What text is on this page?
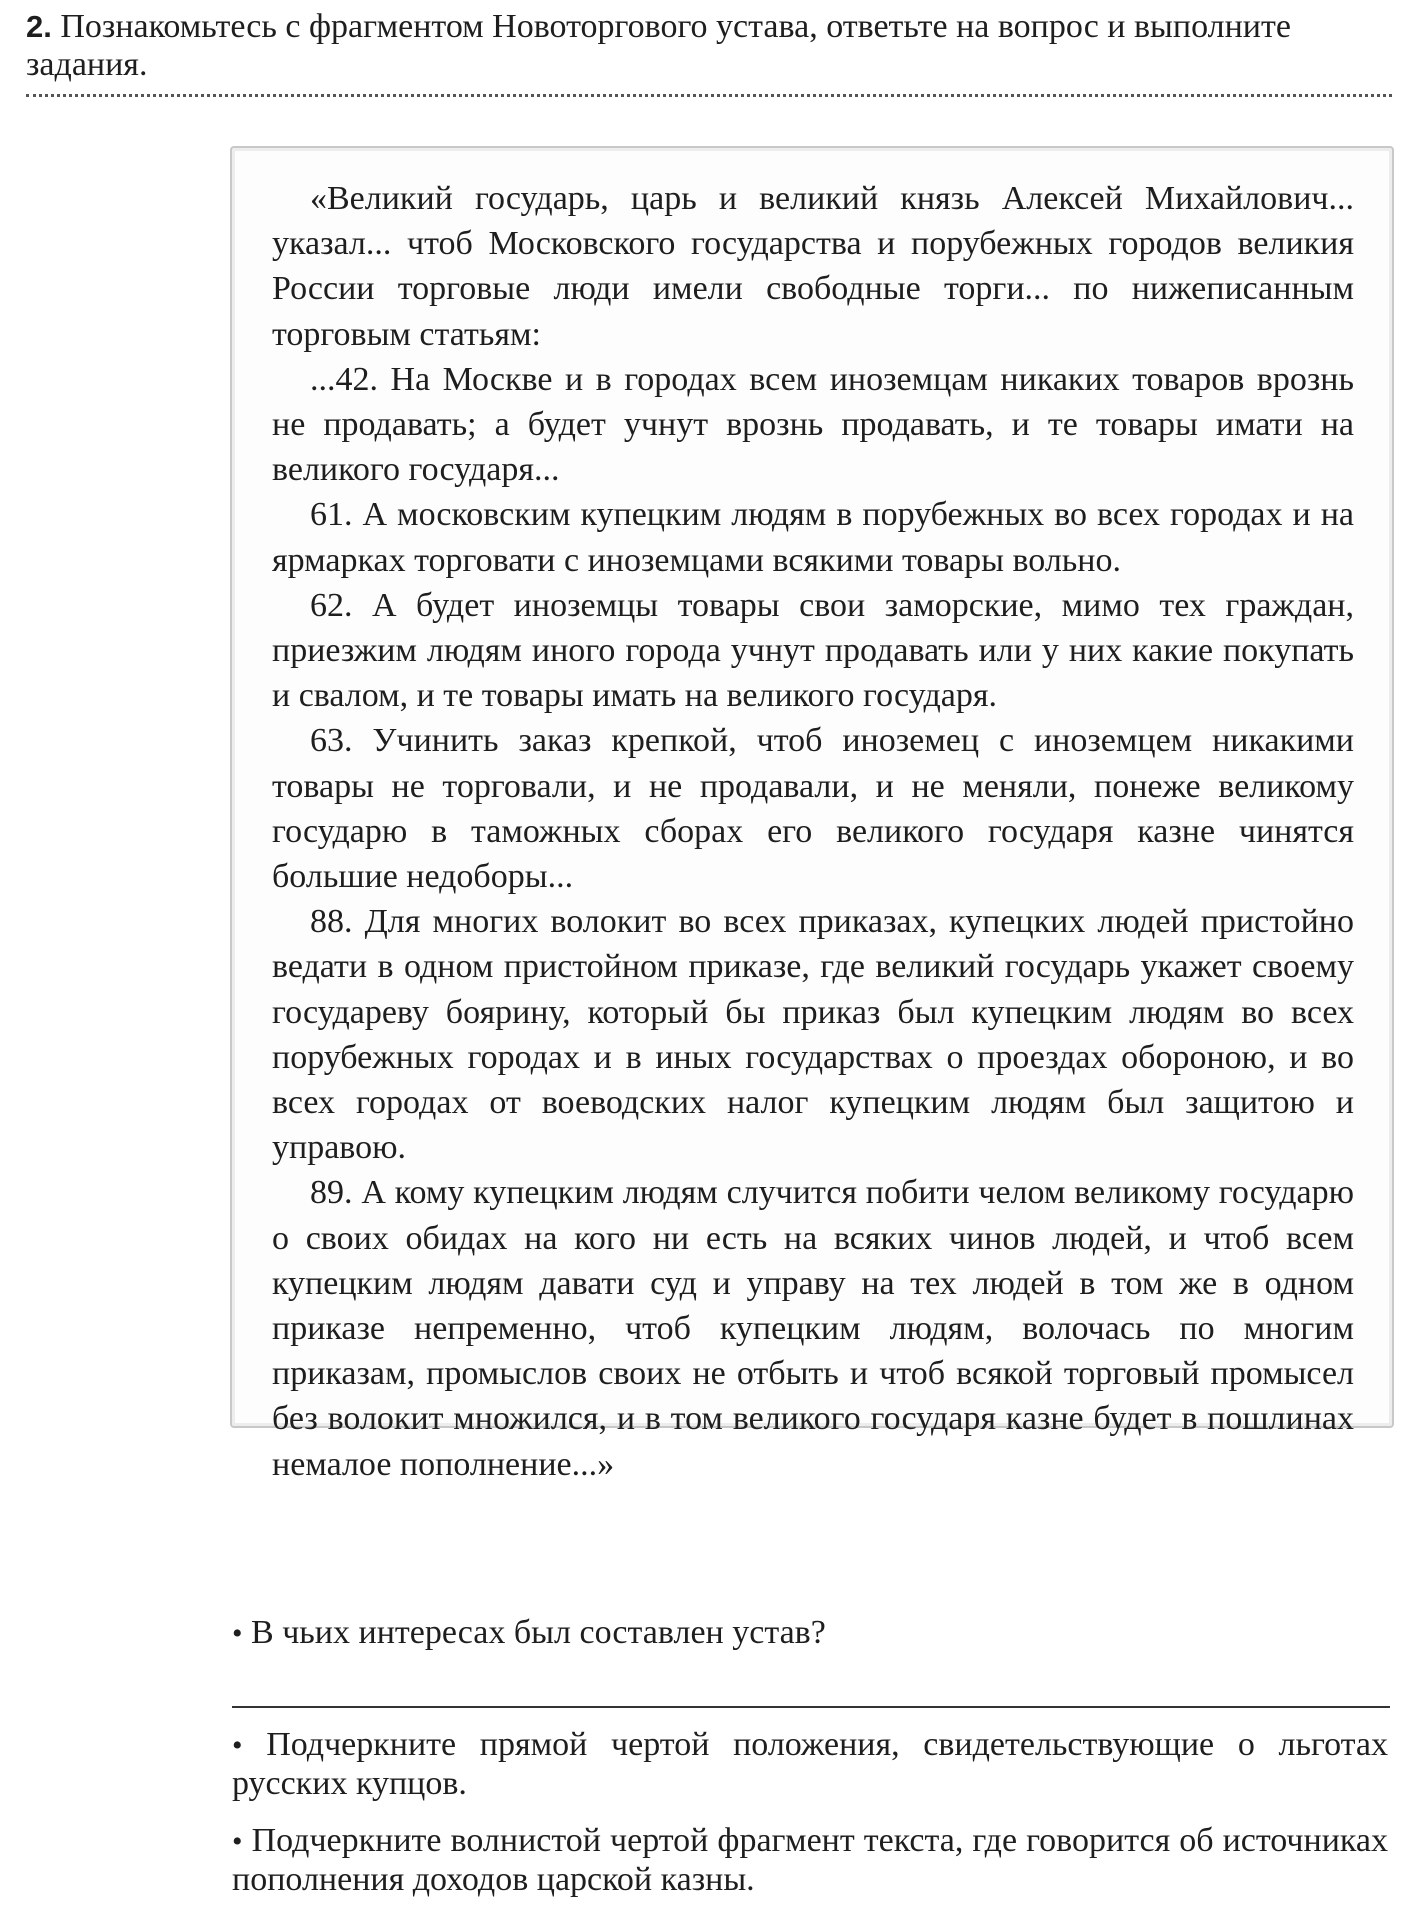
2. Познакомьтесь с фрагментом Новоторгового устава, ответьте на вопрос и выполните задания.

«Великий государь, царь и великий князь Алексей Михайлович... указал... чтоб Московского государства и порубежных городов великия России торговые люди имели свободные торги... по нижеписанным торговым статьям:

...42. На Москве и в городах всем иноземцам никаких товаров врознь не продавать; а будет учнут врознь продавать, и те товары имати на великого государя...

61. А московским купецким людям в порубежных во всех городах и на ярмарках торговати с иноземцами всякими товары вольно.

62. А будет иноземцы товары свои заморские, мимо тех граждан, приезжим людям иного города учнут продавать или у них какие покупать и свалом, и те товары имать на великого государя.

63. Учинить заказ крепкой, чтоб иноземец с иноземцем никакими товары не торговали, и не продавали, и не меняли, понеже великому государю в таможных сборах его великого государя казне чинятся большие недоборы...

88. Для многих волокит во всех приказах, купецких людей пристойно ведати в одном пристойном приказе, где великий государь укажет своему государеву боярину, который бы приказ был купецким людям во всех порубежных городах и в иных государствах о проездах обороною, и во всех городах от воеводских налог купецким людям был защитою и управою.

89. А кому купецким людям случится побити челом великому государю о своих обидах на кого ни есть на всяких чинов людей, и чтоб всем купецким людям давати суд и управу на тех людей в том же в одном приказе непременно, чтоб купецким людям, волочась по многим приказам, промыслов своих не отбыть и чтоб всякой торговый промысел без волокит множился, и в том великого государя казне будет в пошлинах немалое пополнение...»

• В чьих интересах был составлен устав?
• Подчеркните прямой чертой положения, свидетельствующие о льготах русских купцов.
• Подчеркните волнистой чертой фрагмент текста, где говорится об источниках пополнения доходов царской казны.
